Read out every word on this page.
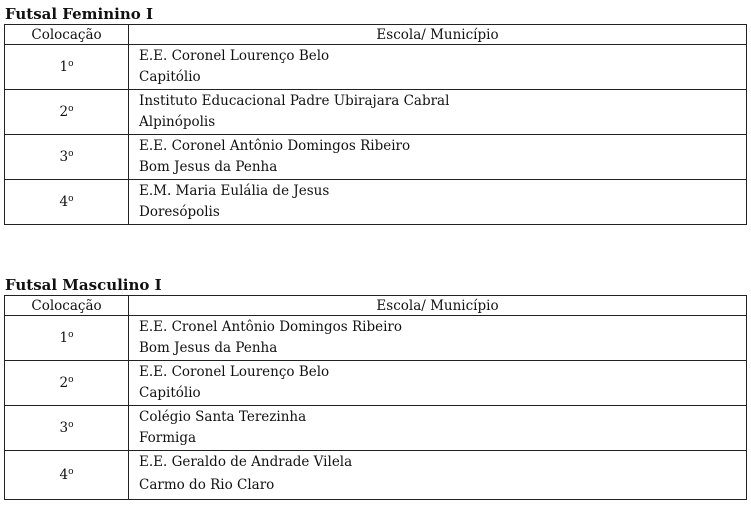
Futsal Feminino I
Colocação	Escola/ Município
1$^o$	E.E. Coronel Lourenço Belo
Capitólio

2$^o$	Instituto Educacional Padre Ubirajara Cabral
Alpinópolis

3$^o$	E.E. Coronel Antônio Domingos Ribeiro
Bom Jesus da Penha

4$^o$	E.M. Maria Eulália de Jesus
Doresópolis
Futsal Masculino I
Colocação	Escola/ Município
1$^o$	E.E. Cronel Antônio Domingos Ribeiro
Bom Jesus da Penha

2$^o$	E.E. Coronel Lourenço Belo
Capitólio

3$^o$	Colégio Santa Terezinha
Formiga

4$^o$	E.E. Geraldo de Andrade Vilela
Carmo do Rio Claro
